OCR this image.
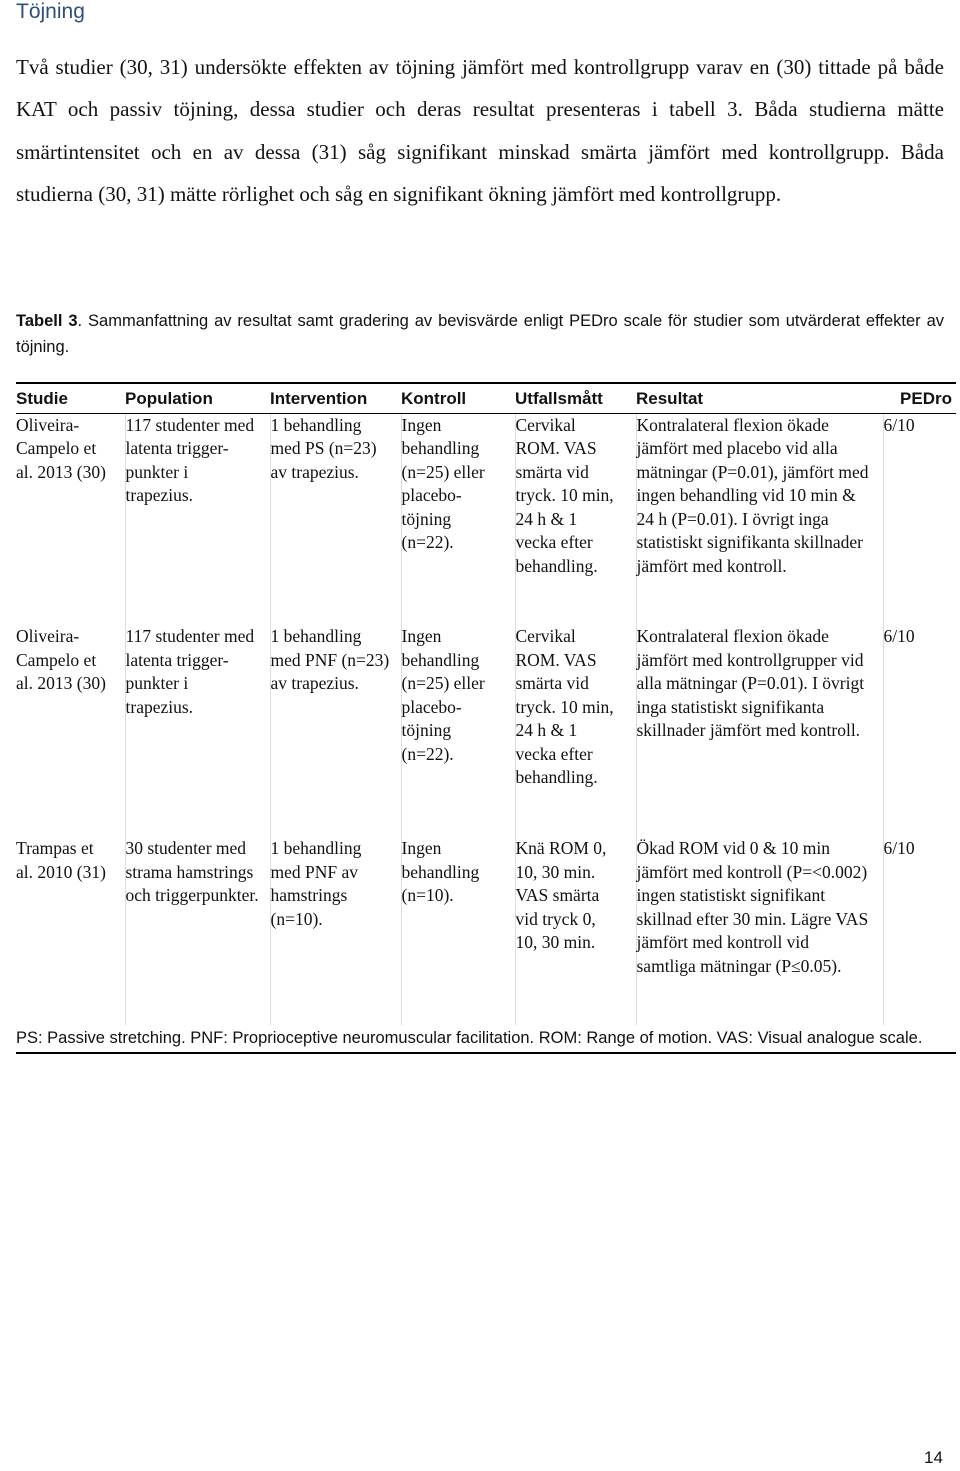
Töjning

Två studier (30, 31) undersökte effekten av töjning jämfört med kontrollgrupp varav en (30) tittade på både KAT och passiv töjning, dessa studier och deras resultat presenteras i tabell 3. Båda studierna mätte smärtintensitet och en av dessa (31) såg signifikant minskad smärta jämfört med kontrollgrupp. Båda studierna (30, 31) mätte rörlighet och såg en signifikant ökning jämfört med kontrollgrupp.

Tabell 3. Sammanfattning av resultat samt gradering av bevisvärde enligt PEDro scale för studier som utvärderat effekter av töjning.

Studie	Population	Intervention	Kontroll	Utfallsmått	Resultat	PEDro
Oliveira-Campelo et al. 2013 (30)	117 studenter med latenta trigger-punkter i trapezius.	1 behandling med PS (n=23) av trapezius.	Ingen behandling (n=25) eller placebo-töjning (n=22).	Cervikal ROM. VAS smärta vid tryck. 10 min, 24 h & 1 vecka efter behandling.	Kontralateral flexion ökade jämfört med placebo vid alla mätningar (P=0.01), jämfört med ingen behandling vid 10 min & 24 h (P=0.01). I övrigt inga statistiskt signifikanta skillnader jämfört med kontroll.	6/10
Oliveira-Campelo et al. 2013 (30)	117 studenter med latenta trigger-punkter i trapezius.	1 behandling med PNF (n=23) av trapezius.	Ingen behandling (n=25) eller placebo-töjning (n=22).	Cervikal ROM. VAS smärta vid tryck. 10 min, 24 h & 1 vecka efter behandling.	Kontralateral flexion ökade jämfört med kontrollgrupper vid alla mätningar (P=0.01). I övrigt inga statistiskt signifikanta skillnader jämfört med kontroll.	6/10
Trampas et al. 2010 (31)	30 studenter med strama hamstrings och triggerpunkter.	1 behandling med PNF av hamstrings (n=10).	Ingen behandling (n=10).	Knä ROM 0, 10, 30 min. VAS smärta vid tryck 0, 10, 30 min.	Ökad ROM vid 0 & 10 min jämfört med kontroll (P=<0.002) ingen statistiskt signifikant skillnad efter 30 min. Lägre VAS jämfört med kontroll vid samtliga mätningar (P≤0.05).	6/10
PS: Passive stretching. PNF: Proprioceptive neuromuscular facilitation. ROM: Range of motion. VAS: Visual analogue scale.						
14
